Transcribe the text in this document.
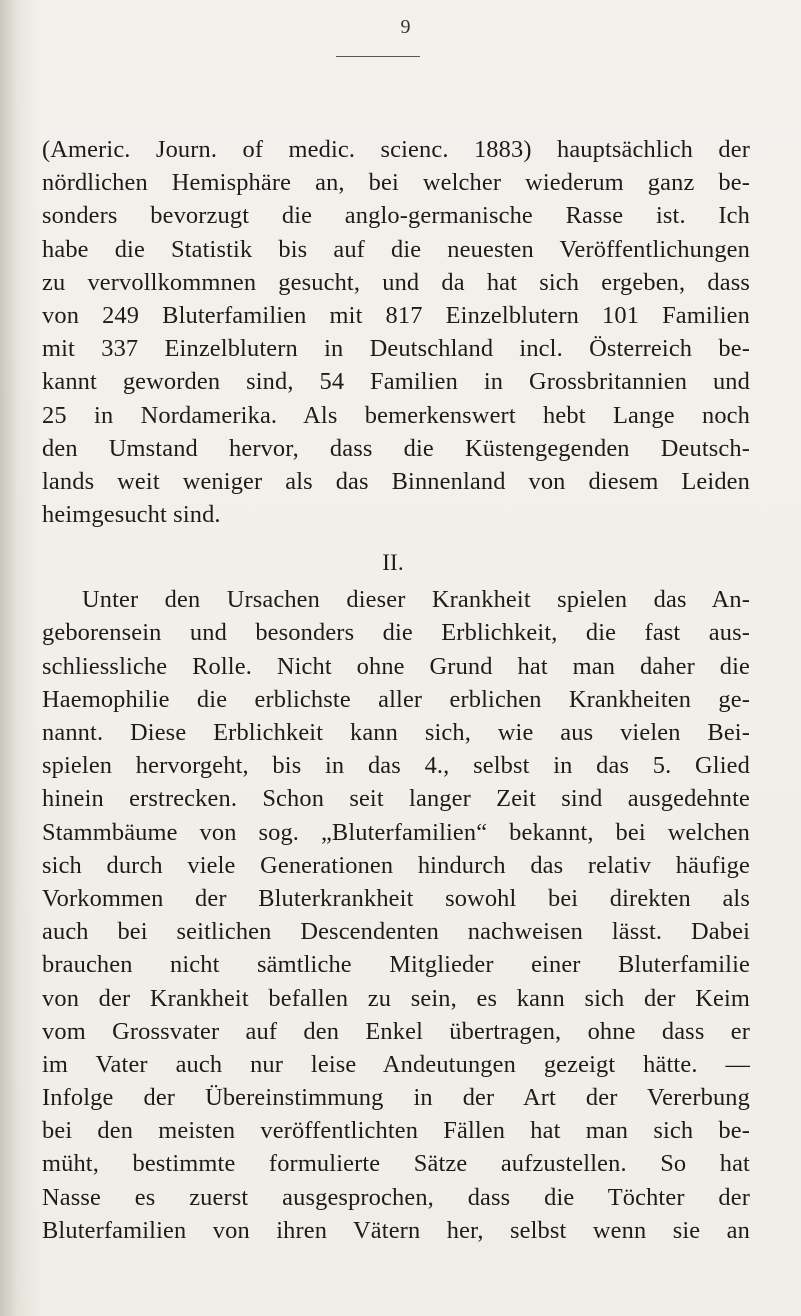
9
(Americ. Journ. of medic. scienc. 1883) hauptsächlich der
nördlichen Hemisphäre an, bei welcher wiederum ganz be-
sonders bevorzugt die anglo-germanische Rasse ist. Ich
habe die Statistik bis auf die neuesten Veröffentlichungen
zu vervollkommnen gesucht, und da hat sich ergeben, dass
von 249 Bluterfamilien mit 817 Einzelblutern 101 Familien
mit 337 Einzelblutern in Deutschland incl. Österreich be-
kannt geworden sind, 54 Familien in Grossbritannien und
25 in Nordamerika. Als bemerkenswert hebt Lange noch
den Umstand hervor, dass die Küstengegenden Deutsch-
lands weit weniger als das Binnenland von diesem Leiden
heimgesucht sind.
II.
Unter den Ursachen dieser Krankheit spielen das An-
geborensein und besonders die Erblichkeit, die fast aus-
schliessliche Rolle. Nicht ohne Grund hat man daher die
Haemophilie die erblichste aller erblichen Krankheiten ge-
nannt. Diese Erblichkeit kann sich, wie aus vielen Bei-
spielen hervorgeht, bis in das 4., selbst in das 5. Glied
hinein erstrecken. Schon seit langer Zeit sind ausgedehnte
Stammbäume von sog. „Bluterfamilien“ bekannt, bei welchen
sich durch viele Generationen hindurch das relativ häufige
Vorkommen der Bluterkrankheit sowohl bei direkten als
auch bei seitlichen Descendenten nachweisen lässt. Dabei
brauchen nicht sämtliche Mitglieder einer Bluterfamilie
von der Krankheit befallen zu sein, es kann sich der Keim
vom Grossvater auf den Enkel übertragen, ohne dass er
im Vater auch nur leise Andeutungen gezeigt hätte. —
Infolge der Übereinstimmung in der Art der Vererbung
bei den meisten veröffentlichten Fällen hat man sich be-
müht, bestimmte formulierte Sätze aufzustellen. So hat
Nasse es zuerst ausgesprochen, dass die Töchter der
Bluterfamilien von ihren Vätern her, selbst wenn sie an
